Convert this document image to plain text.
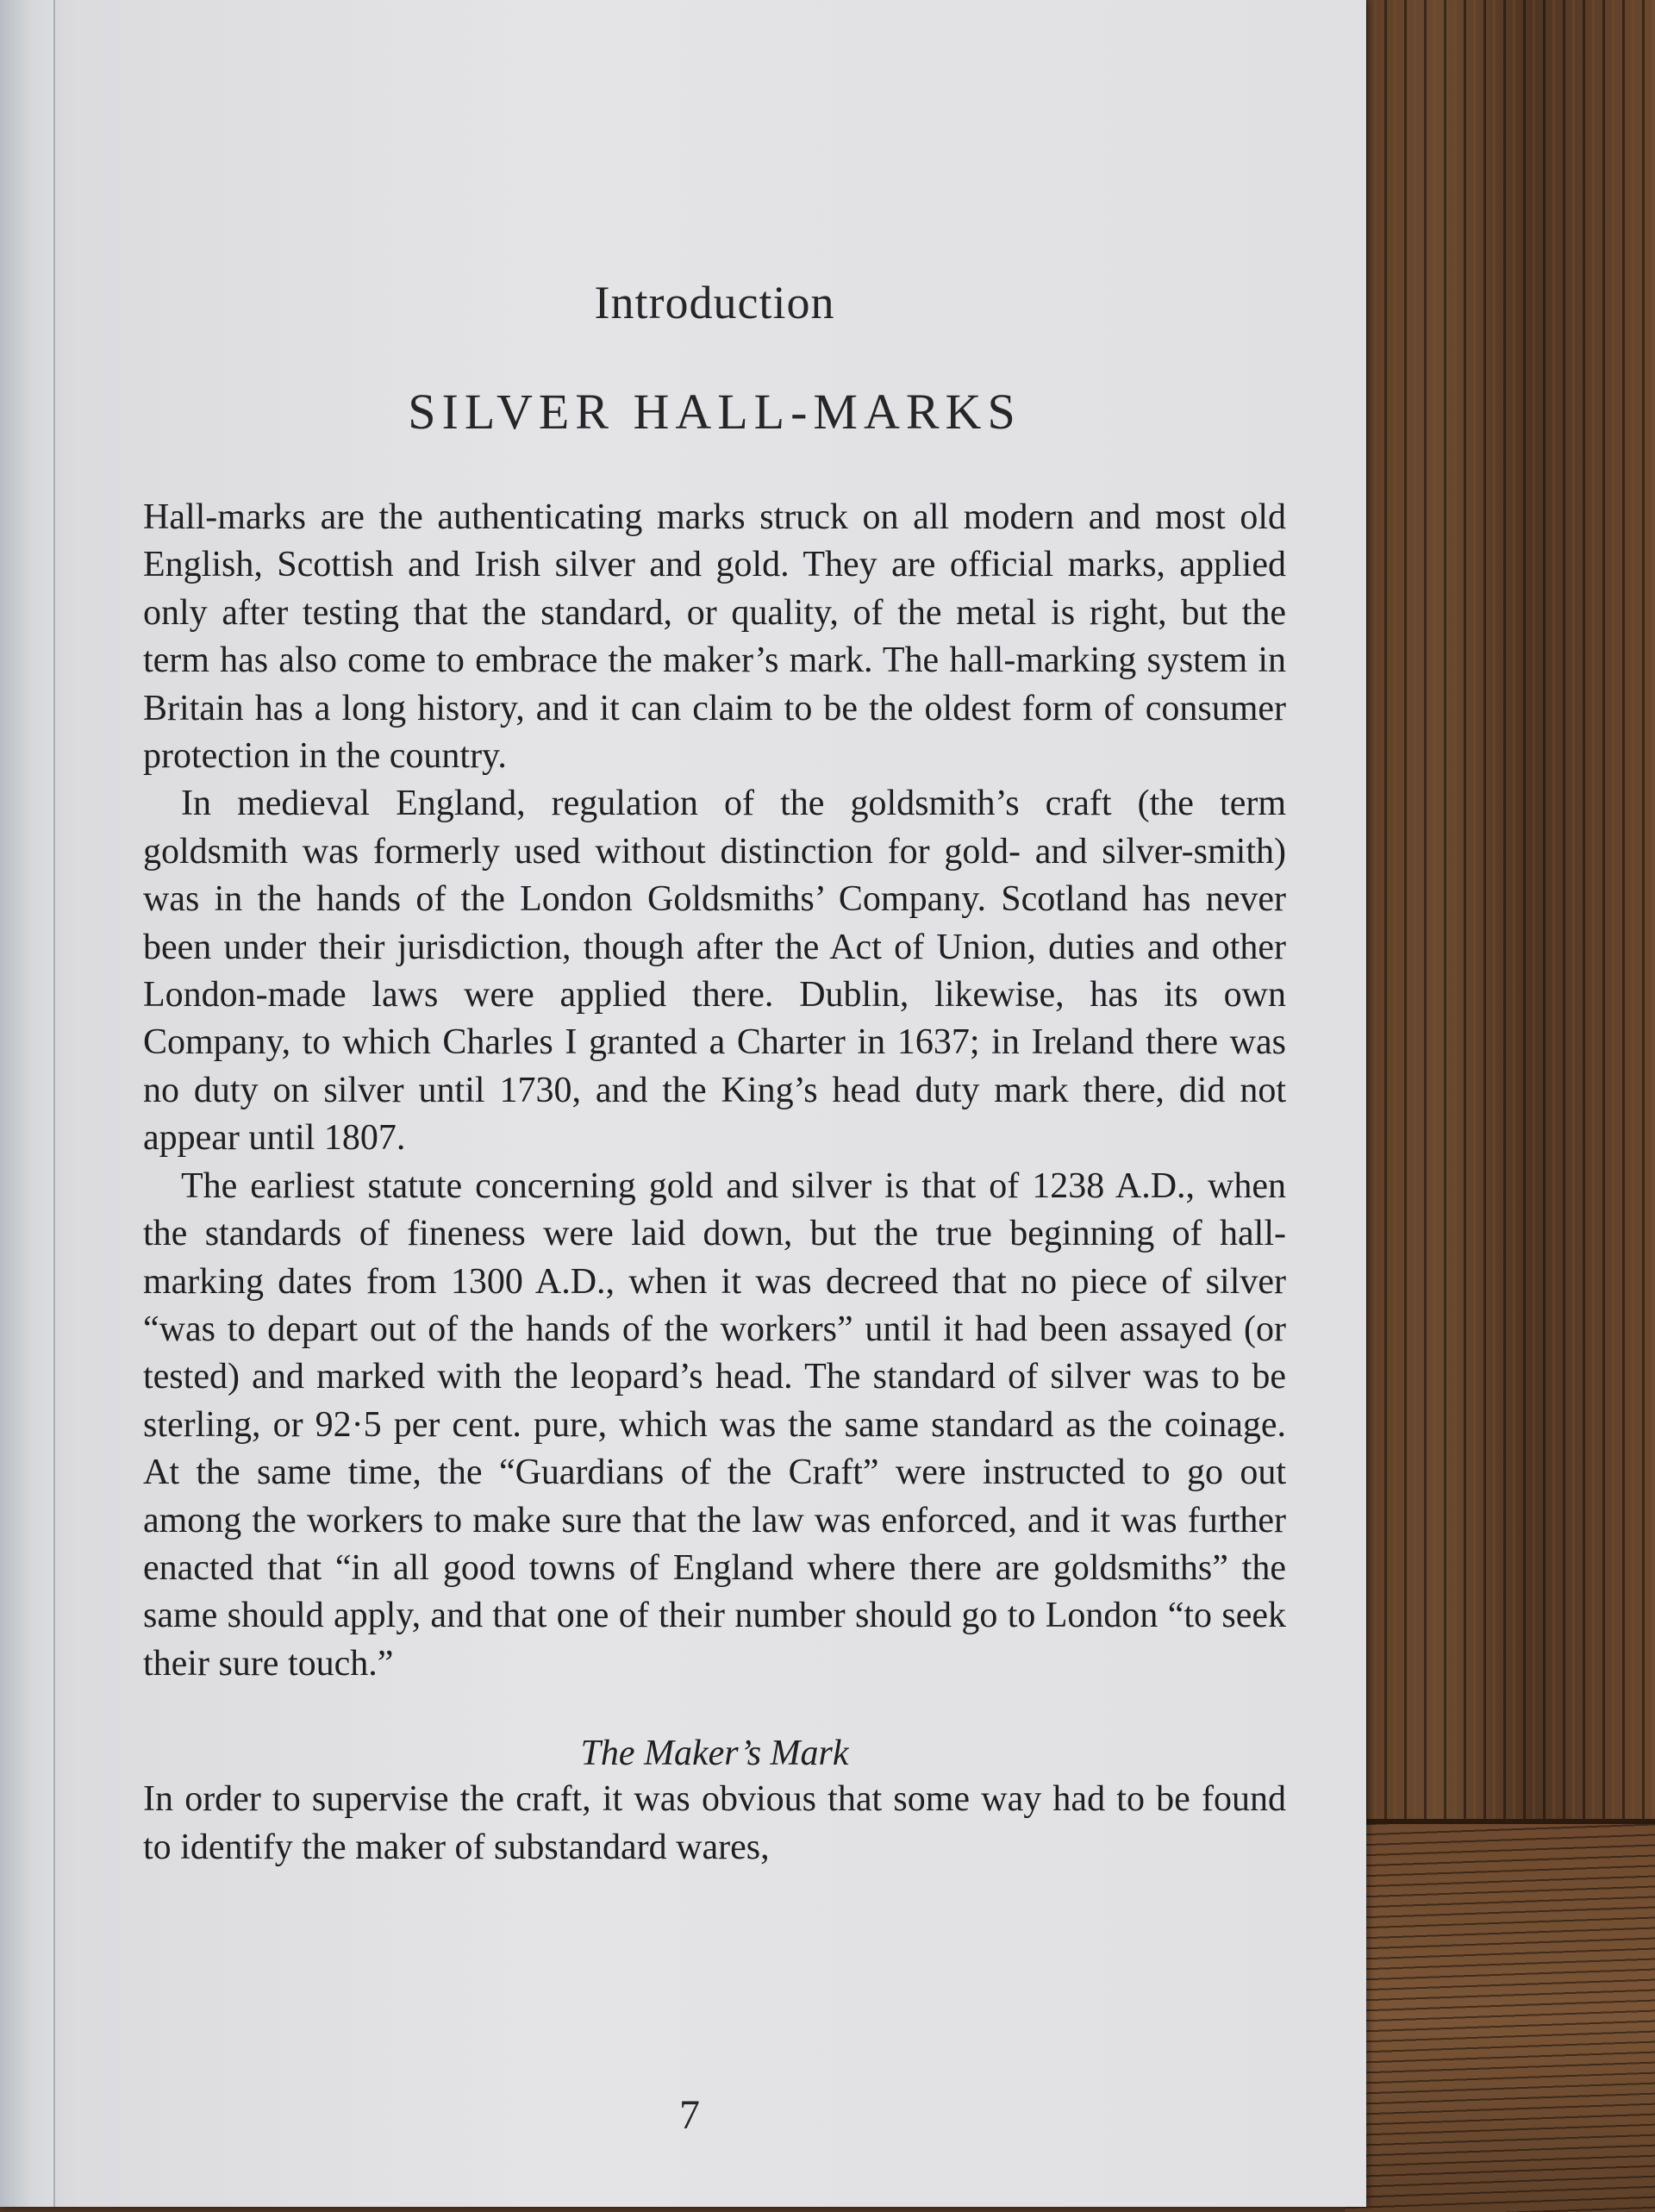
Introduction
SILVER HALL-MARKS

Hall-marks are the authenticating marks struck on all modern and most old English, Scottish and Irish silver and gold. They are official marks, applied only after testing that the standard, or quality, of the metal is right, but the term has also come to embrace the maker’s mark. The hall-marking system in Britain has a long history, and it can claim to be the oldest form of consumer protection in the country.

In medieval England, regulation of the goldsmith’s craft (the term goldsmith was formerly used without distinction for gold- and silver-smith) was in the hands of the London Goldsmiths’ Company. Scotland has never been under their jurisdiction, though after the Act of Union, duties and other London-made laws were applied there. Dublin, likewise, has its own Company, to which Charles I granted a Charter in 1637; in Ireland there was no duty on silver until 1730, and the King’s head duty mark there, did not appear until 1807.

The earliest statute concerning gold and silver is that of 1238 A.D., when the standards of fineness were laid down, but the true beginning of hall-marking dates from 1300 A.D., when it was decreed that no piece of silver “was to depart out of the hands of the workers” until it had been assayed (or tested) and marked with the leopard’s head. The standard of silver was to be sterling, or 92·5 per cent. pure, which was the same standard as the coinage. At the same time, the “Guardians of the Craft” were instructed to go out among the workers to make sure that the law was enforced, and it was further enacted that “in all good towns of England where there are goldsmiths” the same should apply, and that one of their number should go to London “to seek their sure touch.”

The Maker’s Mark

In order to supervise the craft, it was obvious that some way had to be found to identify the maker of substandard wares,

7
